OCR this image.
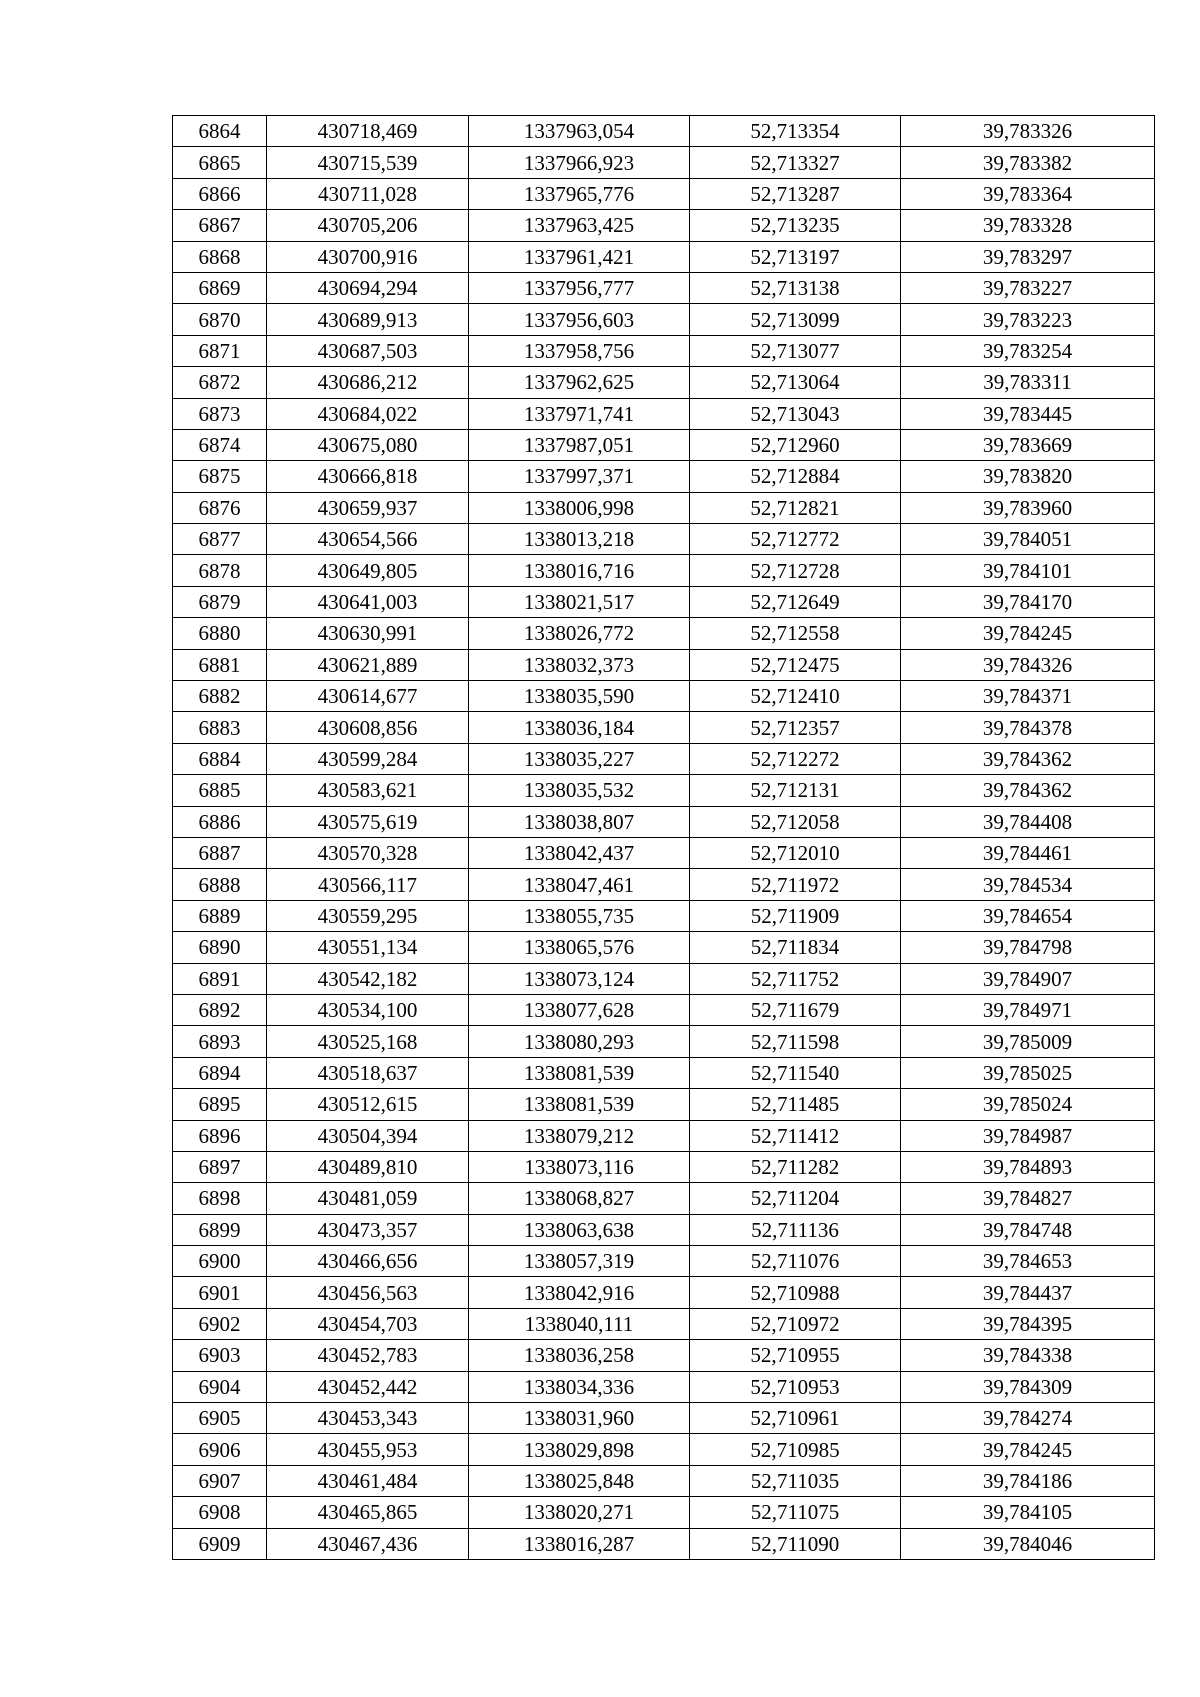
6864	430718,469	1337963,054	52,713354	39,783326
6865	430715,539	1337966,923	52,713327	39,783382
6866	430711,028	1337965,776	52,713287	39,783364
6867	430705,206	1337963,425	52,713235	39,783328
6868	430700,916	1337961,421	52,713197	39,783297
6869	430694,294	1337956,777	52,713138	39,783227
6870	430689,913	1337956,603	52,713099	39,783223
6871	430687,503	1337958,756	52,713077	39,783254
6872	430686,212	1337962,625	52,713064	39,783311
6873	430684,022	1337971,741	52,713043	39,783445
6874	430675,080	1337987,051	52,712960	39,783669
6875	430666,818	1337997,371	52,712884	39,783820
6876	430659,937	1338006,998	52,712821	39,783960
6877	430654,566	1338013,218	52,712772	39,784051
6878	430649,805	1338016,716	52,712728	39,784101
6879	430641,003	1338021,517	52,712649	39,784170
6880	430630,991	1338026,772	52,712558	39,784245
6881	430621,889	1338032,373	52,712475	39,784326
6882	430614,677	1338035,590	52,712410	39,784371
6883	430608,856	1338036,184	52,712357	39,784378
6884	430599,284	1338035,227	52,712272	39,784362
6885	430583,621	1338035,532	52,712131	39,784362
6886	430575,619	1338038,807	52,712058	39,784408
6887	430570,328	1338042,437	52,712010	39,784461
6888	430566,117	1338047,461	52,711972	39,784534
6889	430559,295	1338055,735	52,711909	39,784654
6890	430551,134	1338065,576	52,711834	39,784798
6891	430542,182	1338073,124	52,711752	39,784907
6892	430534,100	1338077,628	52,711679	39,784971
6893	430525,168	1338080,293	52,711598	39,785009
6894	430518,637	1338081,539	52,711540	39,785025
6895	430512,615	1338081,539	52,711485	39,785024
6896	430504,394	1338079,212	52,711412	39,784987
6897	430489,810	1338073,116	52,711282	39,784893
6898	430481,059	1338068,827	52,711204	39,784827
6899	430473,357	1338063,638	52,711136	39,784748
6900	430466,656	1338057,319	52,711076	39,784653
6901	430456,563	1338042,916	52,710988	39,784437
6902	430454,703	1338040,111	52,710972	39,784395
6903	430452,783	1338036,258	52,710955	39,784338
6904	430452,442	1338034,336	52,710953	39,784309
6905	430453,343	1338031,960	52,710961	39,784274
6906	430455,953	1338029,898	52,710985	39,784245
6907	430461,484	1338025,848	52,711035	39,784186
6908	430465,865	1338020,271	52,711075	39,784105
6909	430467,436	1338016,287	52,711090	39,784046
